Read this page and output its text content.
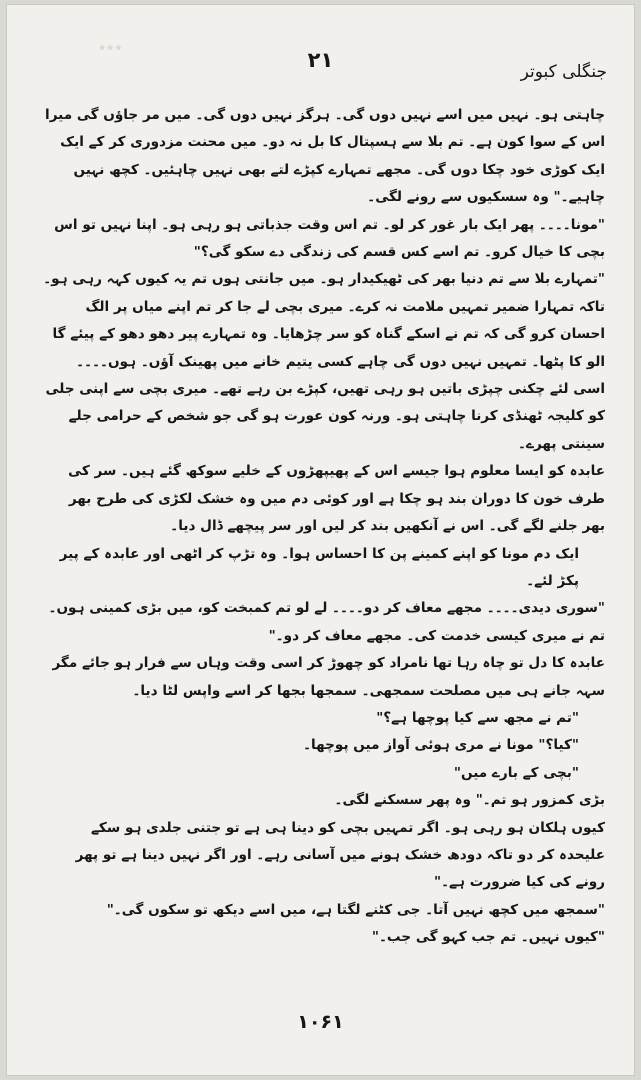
٭٭٭
۲۱	جنگلی کبوتر

چاہتی ہو۔ نہیں میں اسے نہیں دوں گی۔ ہرگز نہیں دوں گی۔ میں مر جاؤں گی میرا اس کے سوا کون ہے۔ تم بلا سے ہسپتال کا بل نہ دو۔ میں محنت مزدوری کر کے ایک ایک کوڑی خود چکا دوں گی۔ مجھے تمہارے کپڑے لتے بھی نہیں چاہئیں۔ کچھ نہیں چاہیے۔" وہ سسکیوں سے رونے لگی۔

"مونا۔۔۔۔ پھر ایک بار غور کر لو۔ تم اس وقت جذباتی ہو رہی ہو۔ اپنا نہیں تو اس بچی کا خیال کرو۔ تم اسے کس قسم کی زندگی دے سکو گی؟"

"تمہارے بلا سے تم دنیا بھر کی ٹھیکیدار ہو۔ میں جانتی ہوں تم یہ کیوں کہہ رہی ہو۔ تاکہ تمہارا ضمیر تمہیں ملامت نہ کرے۔ میری بچی لے جا کر تم اپنے میاں پر الگ احسان کرو گی کہ تم نے اسکے گناہ کو سر چڑھایا۔ وہ تمہارے پیر دھو دھو کے پیئے گا الو کا پٹھا۔ تمہیں نہیں دوں گی چاہے کسی یتیم خانے میں پھینک آؤں۔ ہوں۔۔۔۔ اسی لئے چکنی چپڑی باتیں ہو رہی تھیں، کپڑے بن رہے تھے۔ میری بچی سے اپنی جلی کو کلیجہ ٹھنڈی کرنا چاہتی ہو۔ ورنہ کون عورت ہو گی جو شخص کے حرامی جلے سینتی پھرے۔

عابدہ کو ایسا معلوم ہوا جیسے اس کے پھیپھڑوں کے خلیے سوکھ گئے ہیں۔ سر کی طرف خون کا دوران بند ہو چکا ہے اور کوئی دم میں وہ خشک لکڑی کی طرح بھر بھر جلنے لگے گی۔ اس نے آنکھیں بند کر لیں اور سر پیچھے ڈال دیا۔

ایک دم مونا کو اپنے کمینے پن کا احساس ہوا۔ وہ تڑپ کر اٹھی اور عابدہ کے پیر پکڑ لئے۔

"سوری دیدی۔۔۔۔ مجھے معاف کر دو۔۔۔۔ لے لو تم کمبخت کو، میں بڑی کمینی ہوں۔ تم نے میری کیسی خدمت کی۔ مجھے معاف کر دو۔"

عابدہ کا دل تو چاہ رہا تھا نامراد کو چھوڑ کر اسی وقت وہاں سے فرار ہو جائے مگر سہہ جانے ہی میں مصلحت سمجھی۔ سمجھا بجھا کر اسے واپس لٹا دیا۔

"تم نے مجھ سے کیا پوچھا ہے؟"

"کیا؟" مونا نے مری ہوئی آواز میں پوچھا۔

"بچی کے بارے میں"

بڑی کمزور ہو تم۔" وہ پھر سسکنے لگی۔

کیوں ہلکان ہو رہی ہو۔ اگر تمہیں بچی کو دینا ہی ہے تو جتنی جلدی ہو سکے علیحدہ کر دو تاکہ دودھ خشک ہونے میں آسانی رہے۔ اور اگر نہیں دینا ہے تو پھر رونے کی کیا ضرورت ہے۔"

"سمجھ میں کچھ نہیں آتا۔ جی کٹنے لگتا ہے، میں اسے دیکھ تو سکوں گی۔"

"کیوں نہیں۔ تم جب کہو گی جب۔"

۱۰۶۱
